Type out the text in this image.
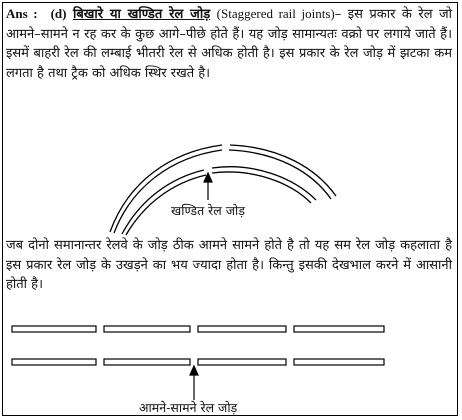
Ans : (d) बिखारे या खण्डित रेल जोड़ (Staggered rail joints)– इस प्रकार के रेल जो आमने–सामने न रह कर के कुछ आगे–पीछे होते हैं। यह जोड़ सामान्यतः वक्रो पर लगाये जाते हैं। इसमें बाहरी रेल की लम्बाई भीतरी रेल से अधिक होती है। इस प्रकार के रेल जोड़ में झटका कम लगता है तथा ट्रैक को अधिक स्थिर रखते है।

खण्डित रेल जोड़

जब दोनो समानान्तर रेलवे के जोड़ ठीक आमने सामने होते है तो यह सम रेल जोड़ कहलाता है इस प्रकार रेल जोड़ के उखड़ने का भय ज्यादा होता है। किन्तु इसकी देखभाल करने में आसानी होती है।

आमने-सामने रेल जोड़
